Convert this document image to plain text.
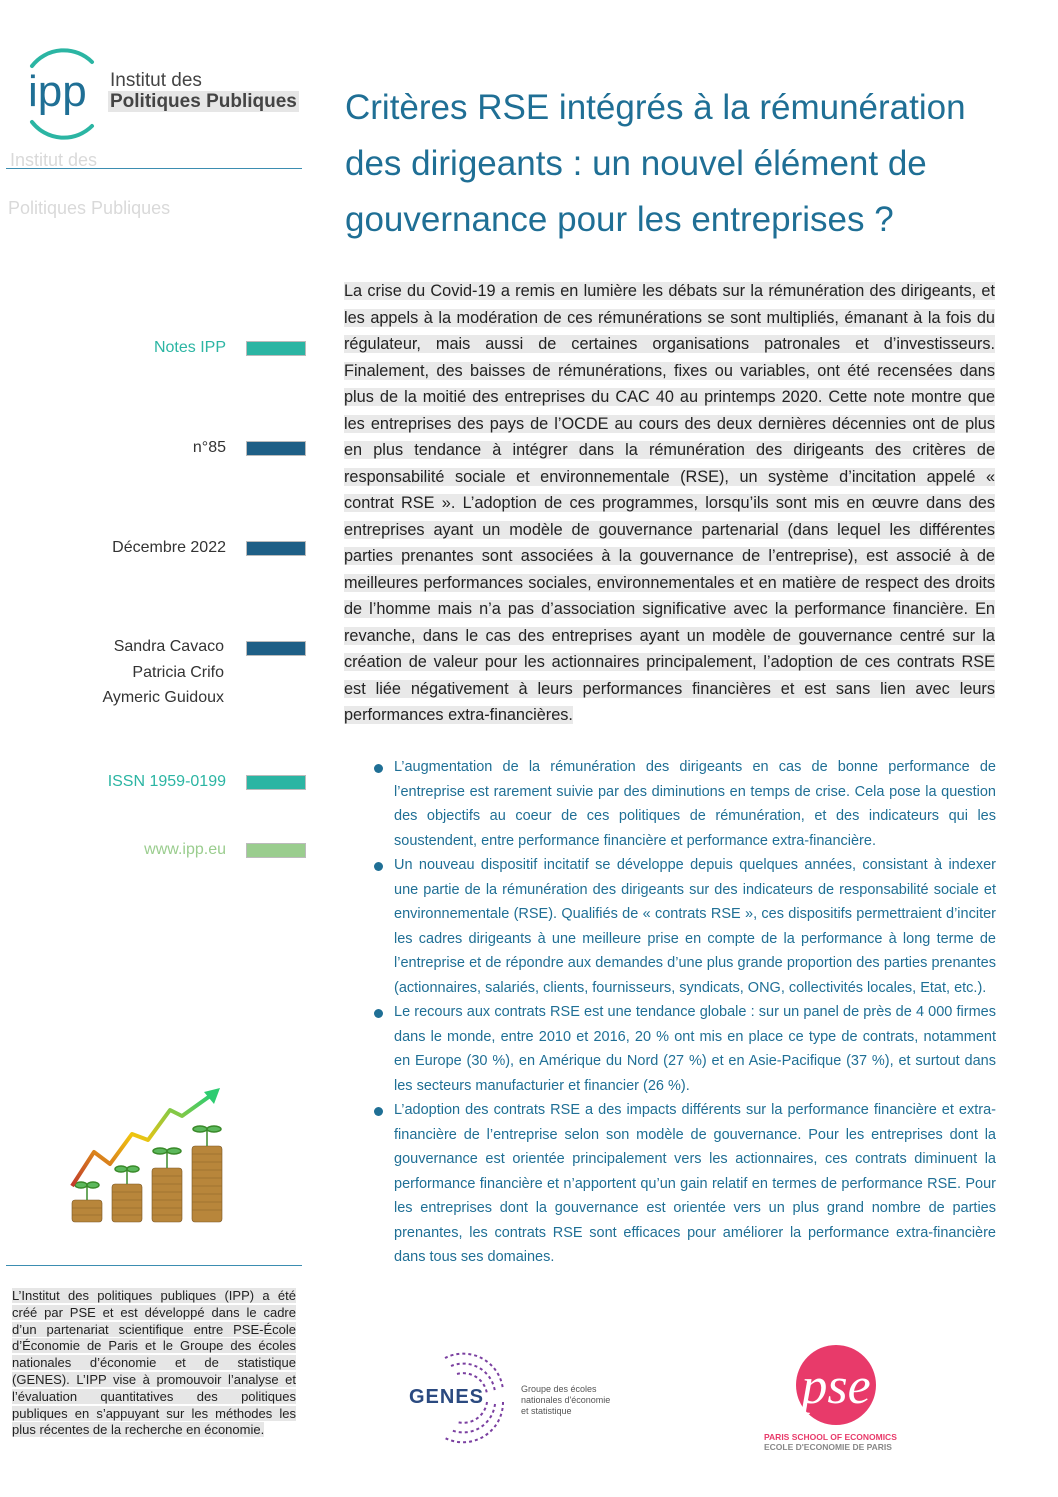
ipp Institut des
Politiques Publiques
Institut des
Politiques Publiques
Notes IPP
n°85
Décembre 2022
Sandra Cavaco
Patricia Crifo
Aymeric Guidoux
ISSN 1959-0199
www.ipp.eu
Critères RSE intégrés à la rémunération des dirigeants : un nouvel élément de gouvernance pour les entreprises ?

La crise du Covid-19 a remis en lumière les débats sur la rémunération des dirigeants, et les appels à la modération de ces rémunérations se sont multipliés, émanant à la fois du régulateur, mais aussi de certaines organisations patronales et d’investisseurs. Finalement, des baisses de rémunérations, fixes ou variables, ont été recensées dans plus de la moitié des entreprises du CAC 40 au printemps 2020. Cette note montre que les entreprises des pays de l’OCDE au cours des deux dernières décennies ont de plus en plus tendance à intégrer dans la rémunération des dirigeants des critères de responsabilité sociale et environnementale (RSE), un système d’incitation appelé « contrat RSE ». L’adoption de ces programmes, lorsqu’ils sont mis en œuvre dans des entreprises ayant un modèle de gouvernance partenarial (dans lequel les différentes parties prenantes sont associées à la gouvernance de l’entreprise), est associé à de meilleures performances sociales, environnementales et en matière de respect des droits de l’homme mais n’a pas d’association significative avec la performance financière. En revanche, dans le cas des entreprises ayant un modèle de gouvernance centré sur la création de valeur pour les actionnaires principalement, l’adoption de ces contrats RSE est liée négativement à leurs performances financières et est sans lien avec leurs performances extra-financières.

L’augmentation de la rémunération des dirigeants en cas de bonne performance de l’entreprise est rarement suivie par des diminutions en temps de crise. Cela pose la question des objectifs au coeur de ces politiques de rémunération, et des indicateurs qui les soustendent, entre performance financière et performance extra-financière.
Un nouveau dispositif incitatif se développe depuis quelques années, consistant à indexer une partie de la rémunération des dirigeants sur des indicateurs de responsabilité sociale et environnementale (RSE). Qualifiés de « contrats RSE », ces dispositifs permettraient d’inciter les cadres dirigeants à une meilleure prise en compte de la performance à long terme de l’entreprise et de répondre aux demandes d’une plus grande proportion des parties prenantes (actionnaires, salariés, clients, fournisseurs, syndicats, ONG, collectivités locales, Etat, etc.).
Le recours aux contrats RSE est une tendance globale : sur un panel de près de 4 000 firmes dans le monde, entre 2010 et 2016, 20 % ont mis en place ce type de contrats, notamment en Europe (30 %), en Amérique du Nord (27 %) et en Asie-Pacifique (37 %), et surtout dans les secteurs manufacturier et financier (26 %).
L’adoption des contrats RSE a des impacts différents sur la performance financière et extra-financière de l’entreprise selon son modèle de gouvernance. Pour les entreprises dont la gouvernance est orientée principalement vers les actionnaires, ces contrats diminuent la performance financière et n’apportent qu’un gain relatif en termes de performance RSE. Pour les entreprises dont la gouvernance est orientée vers un plus grand nombre de parties prenantes, les contrats RSE sont efficaces pour améliorer la performance extra-financière dans tous ses domaines.

L’Institut des politiques publiques (IPP) a été créé par PSE et est développé dans le cadre d’un partenariat scientifique entre PSE-École d’Économie de Paris et le Groupe des écoles nationales d’économie et de statistique (GENES). L’IPP vise à promouvoir l’analyse et l’évaluation quantitatives des politiques publiques en s’appuyant sur les méthodes les plus récentes de la recherche en économie.

GENES	Groupe des écoles
nationales d'économie
et statistique	pse
PARIS SCHOOL OF ECONOMICS
ECOLE D'ECONOMIE DE PARIS
